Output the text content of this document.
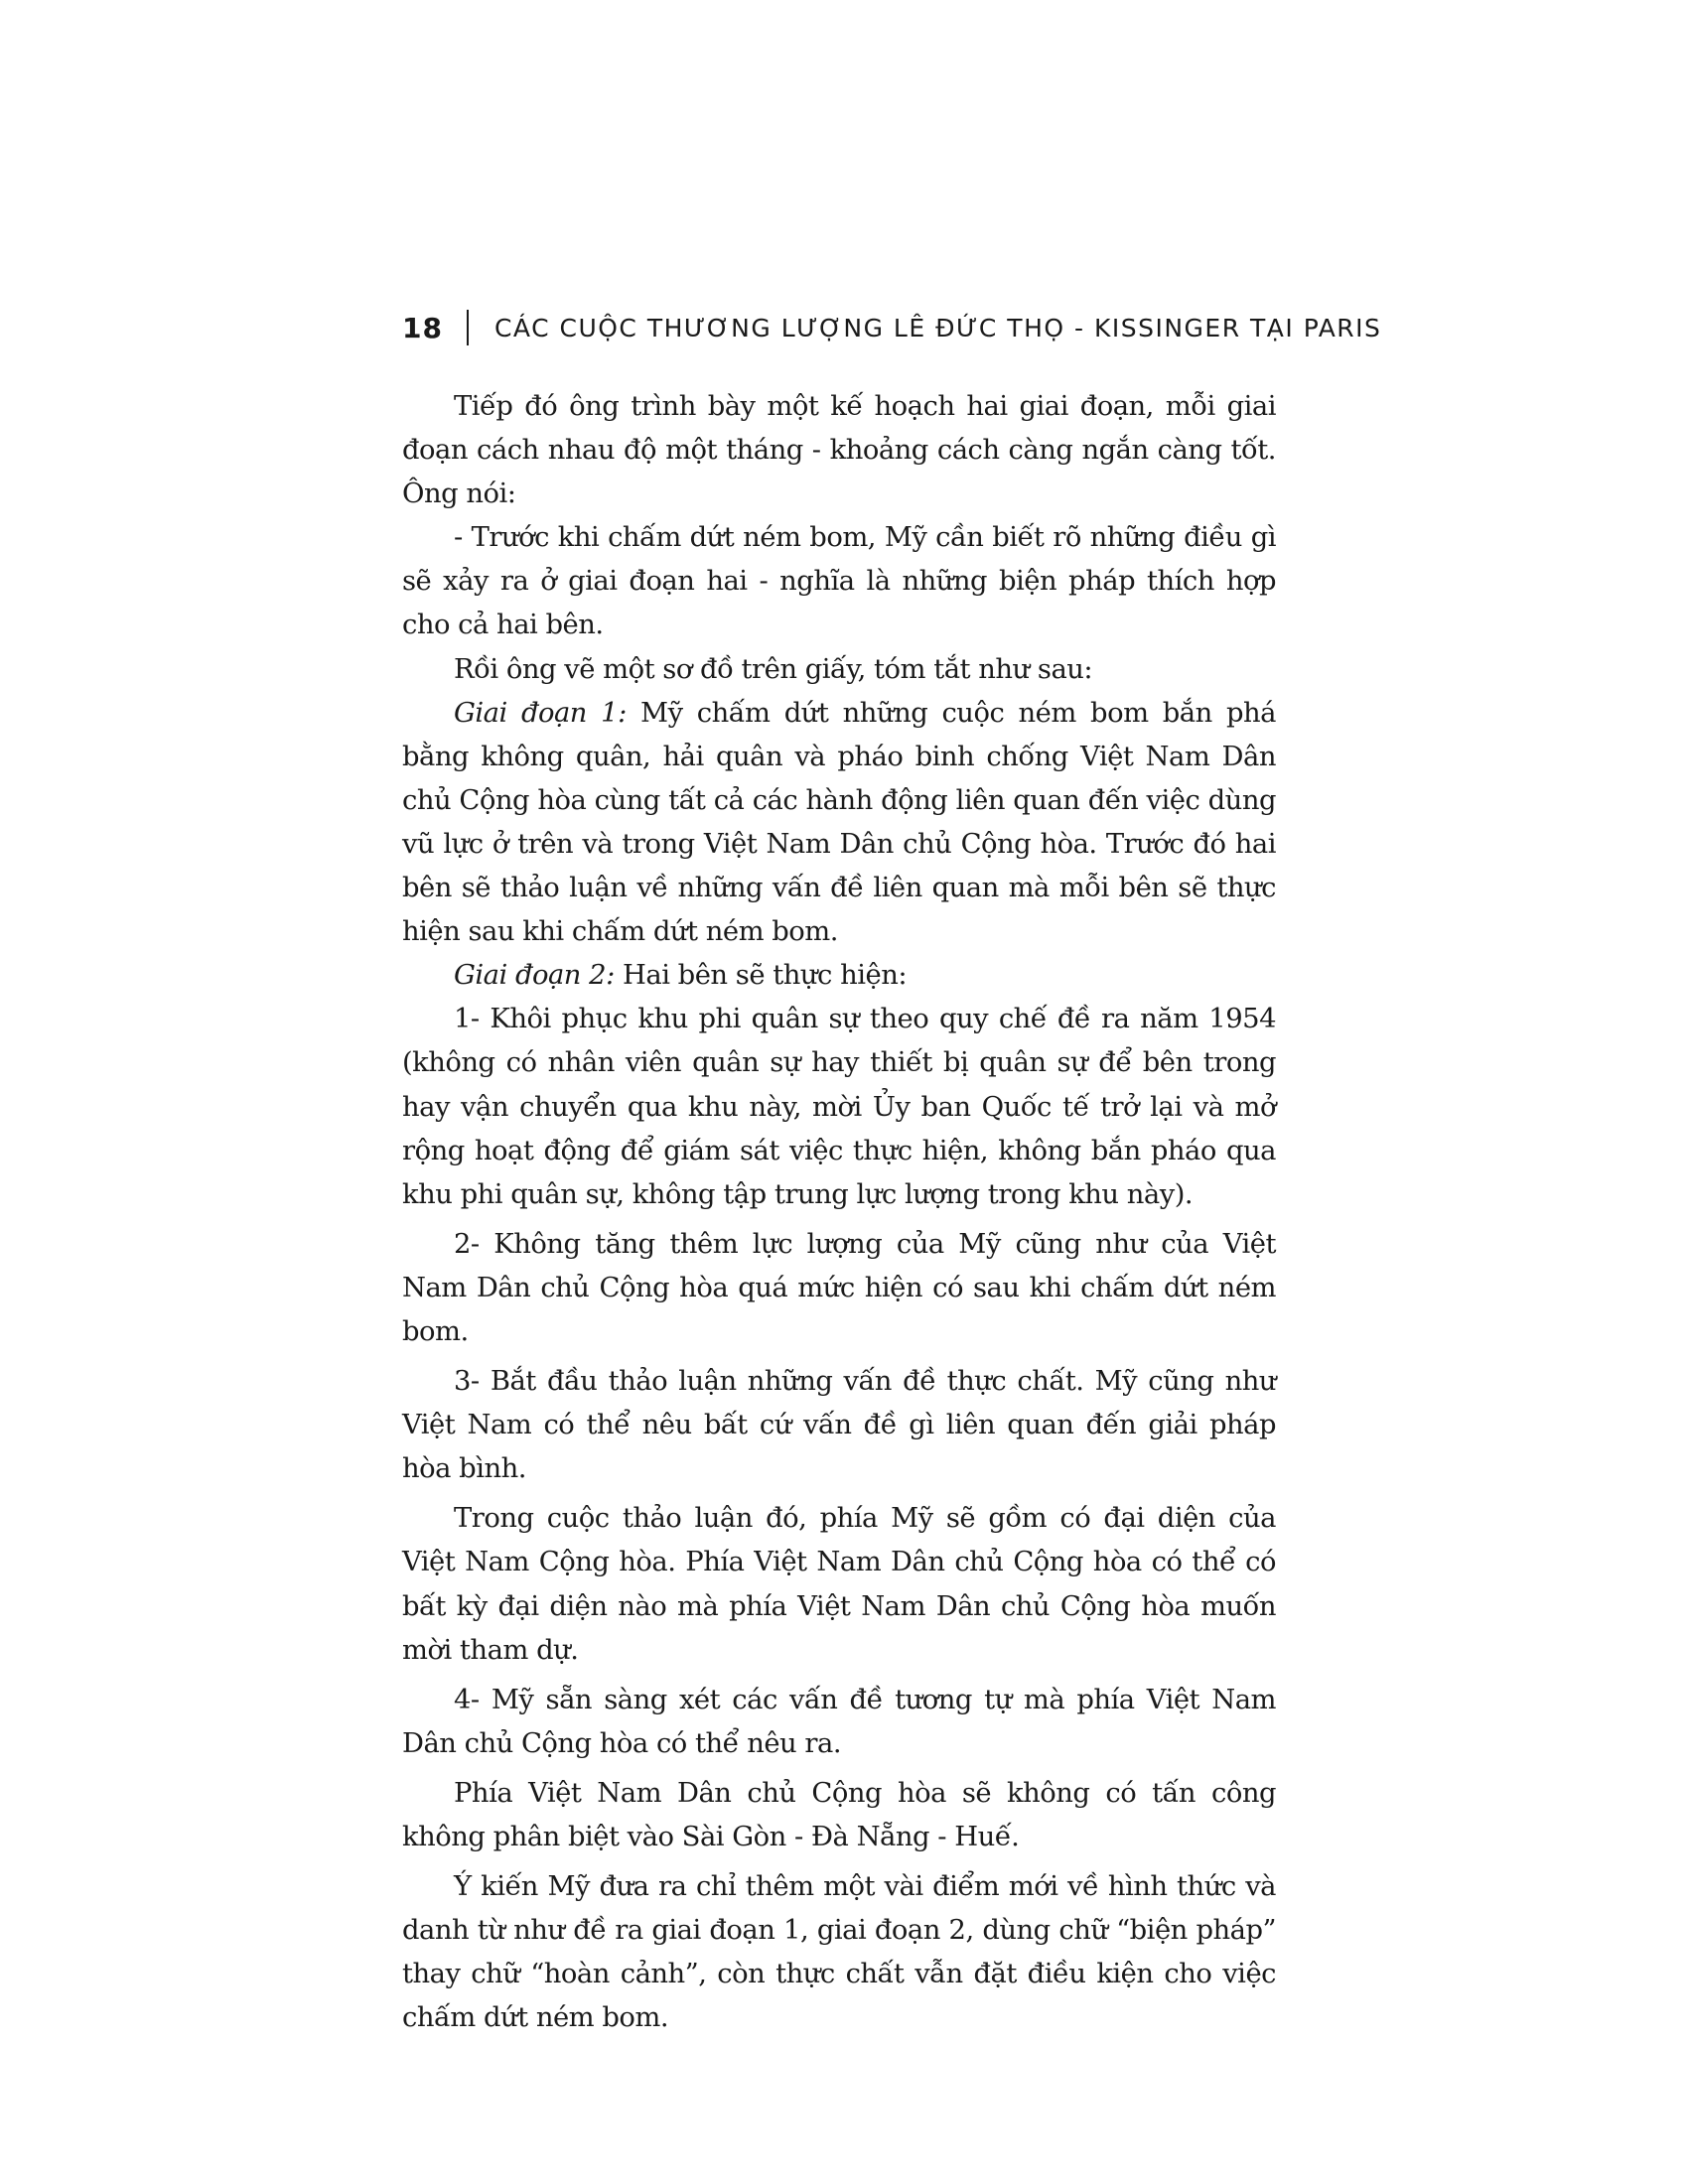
18 CÁC CUỘC THƯƠNG LƯỢNG LÊ ĐỨC THỌ - KISSINGER TẠI PARIS

Tiếp đó ông trình bày một kế hoạch hai giai đoạn, mỗi giai đoạn cách nhau độ một tháng - khoảng cách càng ngắn càng tốt. Ông nói:

- Trước khi chấm dứt ném bom, Mỹ cần biết rõ những điều gì sẽ xảy ra ở giai đoạn hai - nghĩa là những biện pháp thích hợp cho cả hai bên.

Rồi ông vẽ một sơ đồ trên giấy, tóm tắt như sau:

Giai đoạn 1: Mỹ chấm dứt những cuộc ném bom bắn phá bằng không quân, hải quân và pháo binh chống Việt Nam Dân chủ Cộng hòa cùng tất cả các hành động liên quan đến việc dùng vũ lực ở trên và trong Việt Nam Dân chủ Cộng hòa. Trước đó hai bên sẽ thảo luận về những vấn đề liên quan mà mỗi bên sẽ thực hiện sau khi chấm dứt ném bom.

Giai đoạn 2: Hai bên sẽ thực hiện:

1- Khôi phục khu phi quân sự theo quy chế đề ra năm 1954 (không có nhân viên quân sự hay thiết bị quân sự để bên trong hay vận chuyển qua khu này, mời Ủy ban Quốc tế trở lại và mở rộng hoạt động để giám sát việc thực hiện, không bắn pháo qua khu phi quân sự, không tập trung lực lượng trong khu này).

2- Không tăng thêm lực lượng của Mỹ cũng như của Việt Nam Dân chủ Cộng hòa quá mức hiện có sau khi chấm dứt ném bom.

3- Bắt đầu thảo luận những vấn đề thực chất. Mỹ cũng như Việt Nam có thể nêu bất cứ vấn đề gì liên quan đến giải pháp hòa bình.

Trong cuộc thảo luận đó, phía Mỹ sẽ gồm có đại diện của Việt Nam Cộng hòa. Phía Việt Nam Dân chủ Cộng hòa có thể có bất kỳ đại diện nào mà phía Việt Nam Dân chủ Cộng hòa muốn mời tham dự.

4- Mỹ sẵn sàng xét các vấn đề tương tự mà phía Việt Nam Dân chủ Cộng hòa có thể nêu ra.

Phía Việt Nam Dân chủ Cộng hòa sẽ không có tấn công không phân biệt vào Sài Gòn - Đà Nẵng - Huế.

Ý kiến Mỹ đưa ra chỉ thêm một vài điểm mới về hình thức và danh từ như đề ra giai đoạn 1, giai đoạn 2, dùng chữ “biện pháp” thay chữ “hoàn cảnh”, còn thực chất vẫn đặt điều kiện cho việc chấm dứt ném bom.
